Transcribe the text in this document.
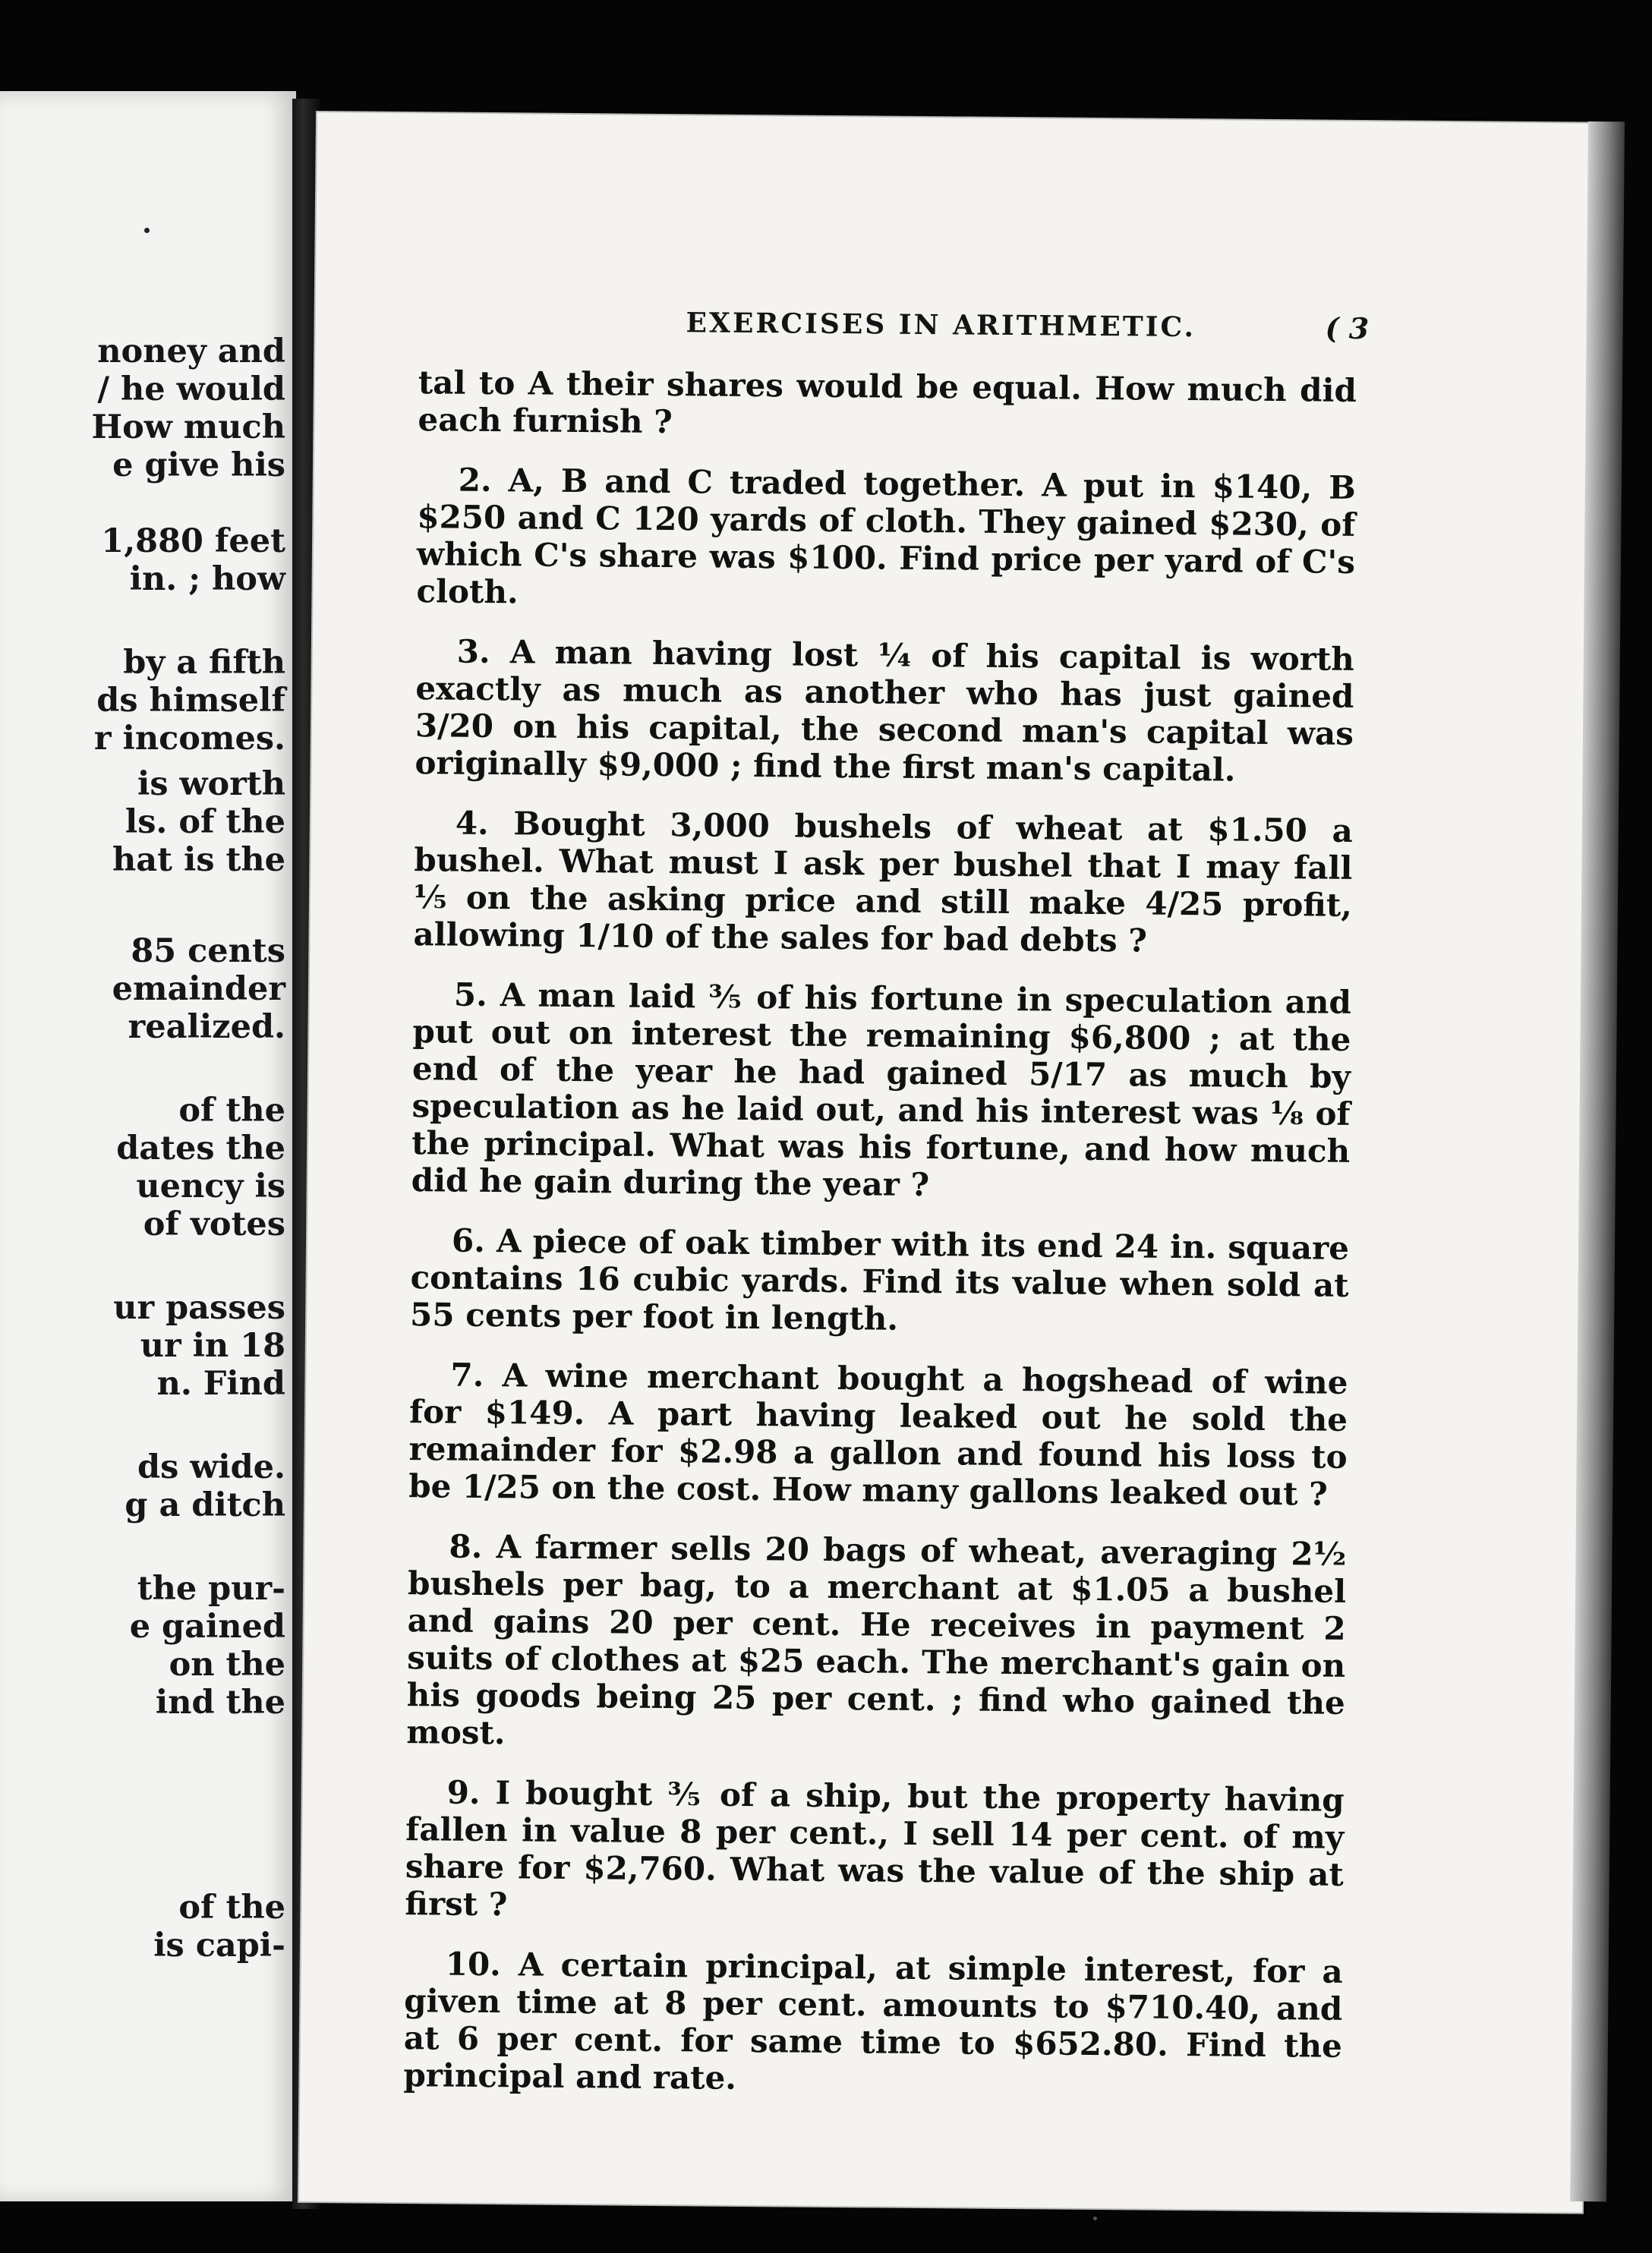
noney and
/ he would
How much
e give his
1,880 feet
in. ; how
by a fifth
ds himself
r incomes.
is worth
ls. of the
hat is the
85 cents
emainder
realized.
of the
dates the
uency is
of votes
ur passes
ur in 18
n. Find
ds wide.
g a ditch
the pur-
e gained
on the
ind the
of the
is capi-
EXERCISES IN ARITHMETIC.	( 3

tal to A their shares would be equal. How much did each furnish ?

2. A, B and C traded together. A put in $140, B $250 and C 120 yards of cloth. They gained $230, of which C's share was $100. Find price per yard of C's cloth.

3. A man having lost ¼ of his capital is worth exactly as much as another who has just gained 3/20 on his capital, the second man's capital was originally $9,000 ; find the first man's capital.

4. Bought 3,000 bushels of wheat at $1.50 a bushel. What must I ask per bushel that I may fall ⅕ on the asking price and still make 4/25 profit, allowing 1/10 of the sales for bad debts ?

5. A man laid ⅗ of his fortune in speculation and put out on interest the remaining $6,800 ; at the end of the year he had gained 5/17 as much by speculation as he laid out, and his interest was ⅛ of the principal. What was his fortune, and how much did he gain during the year ?

6. A piece of oak timber with its end 24 in. square contains 16 cubic yards. Find its value when sold at 55 cents per foot in length.

7. A wine merchant bought a hogshead of wine for $149. A part having leaked out he sold the remainder for $2.98 a gallon and found his loss to be 1/25 on the cost. How many gallons leaked out ?

8. A farmer sells 20 bags of wheat, averaging 2½ bushels per bag, to a merchant at $1.05 a bushel and gains 20 per cent. He receives in payment 2 suits of clothes at $25 each. The merchant's gain on his goods being 25 per cent. ; find who gained the most.

9. I bought ⅗ of a ship, but the property having fallen in value 8 per cent., I sell 14 per cent. of my share for $2,760. What was the value of the ship at first ?

10. A certain principal, at simple interest, for a given time at 8 per cent. amounts to $710.40, and at 6 per cent. for same time to $652.80. Find the principal and rate.
